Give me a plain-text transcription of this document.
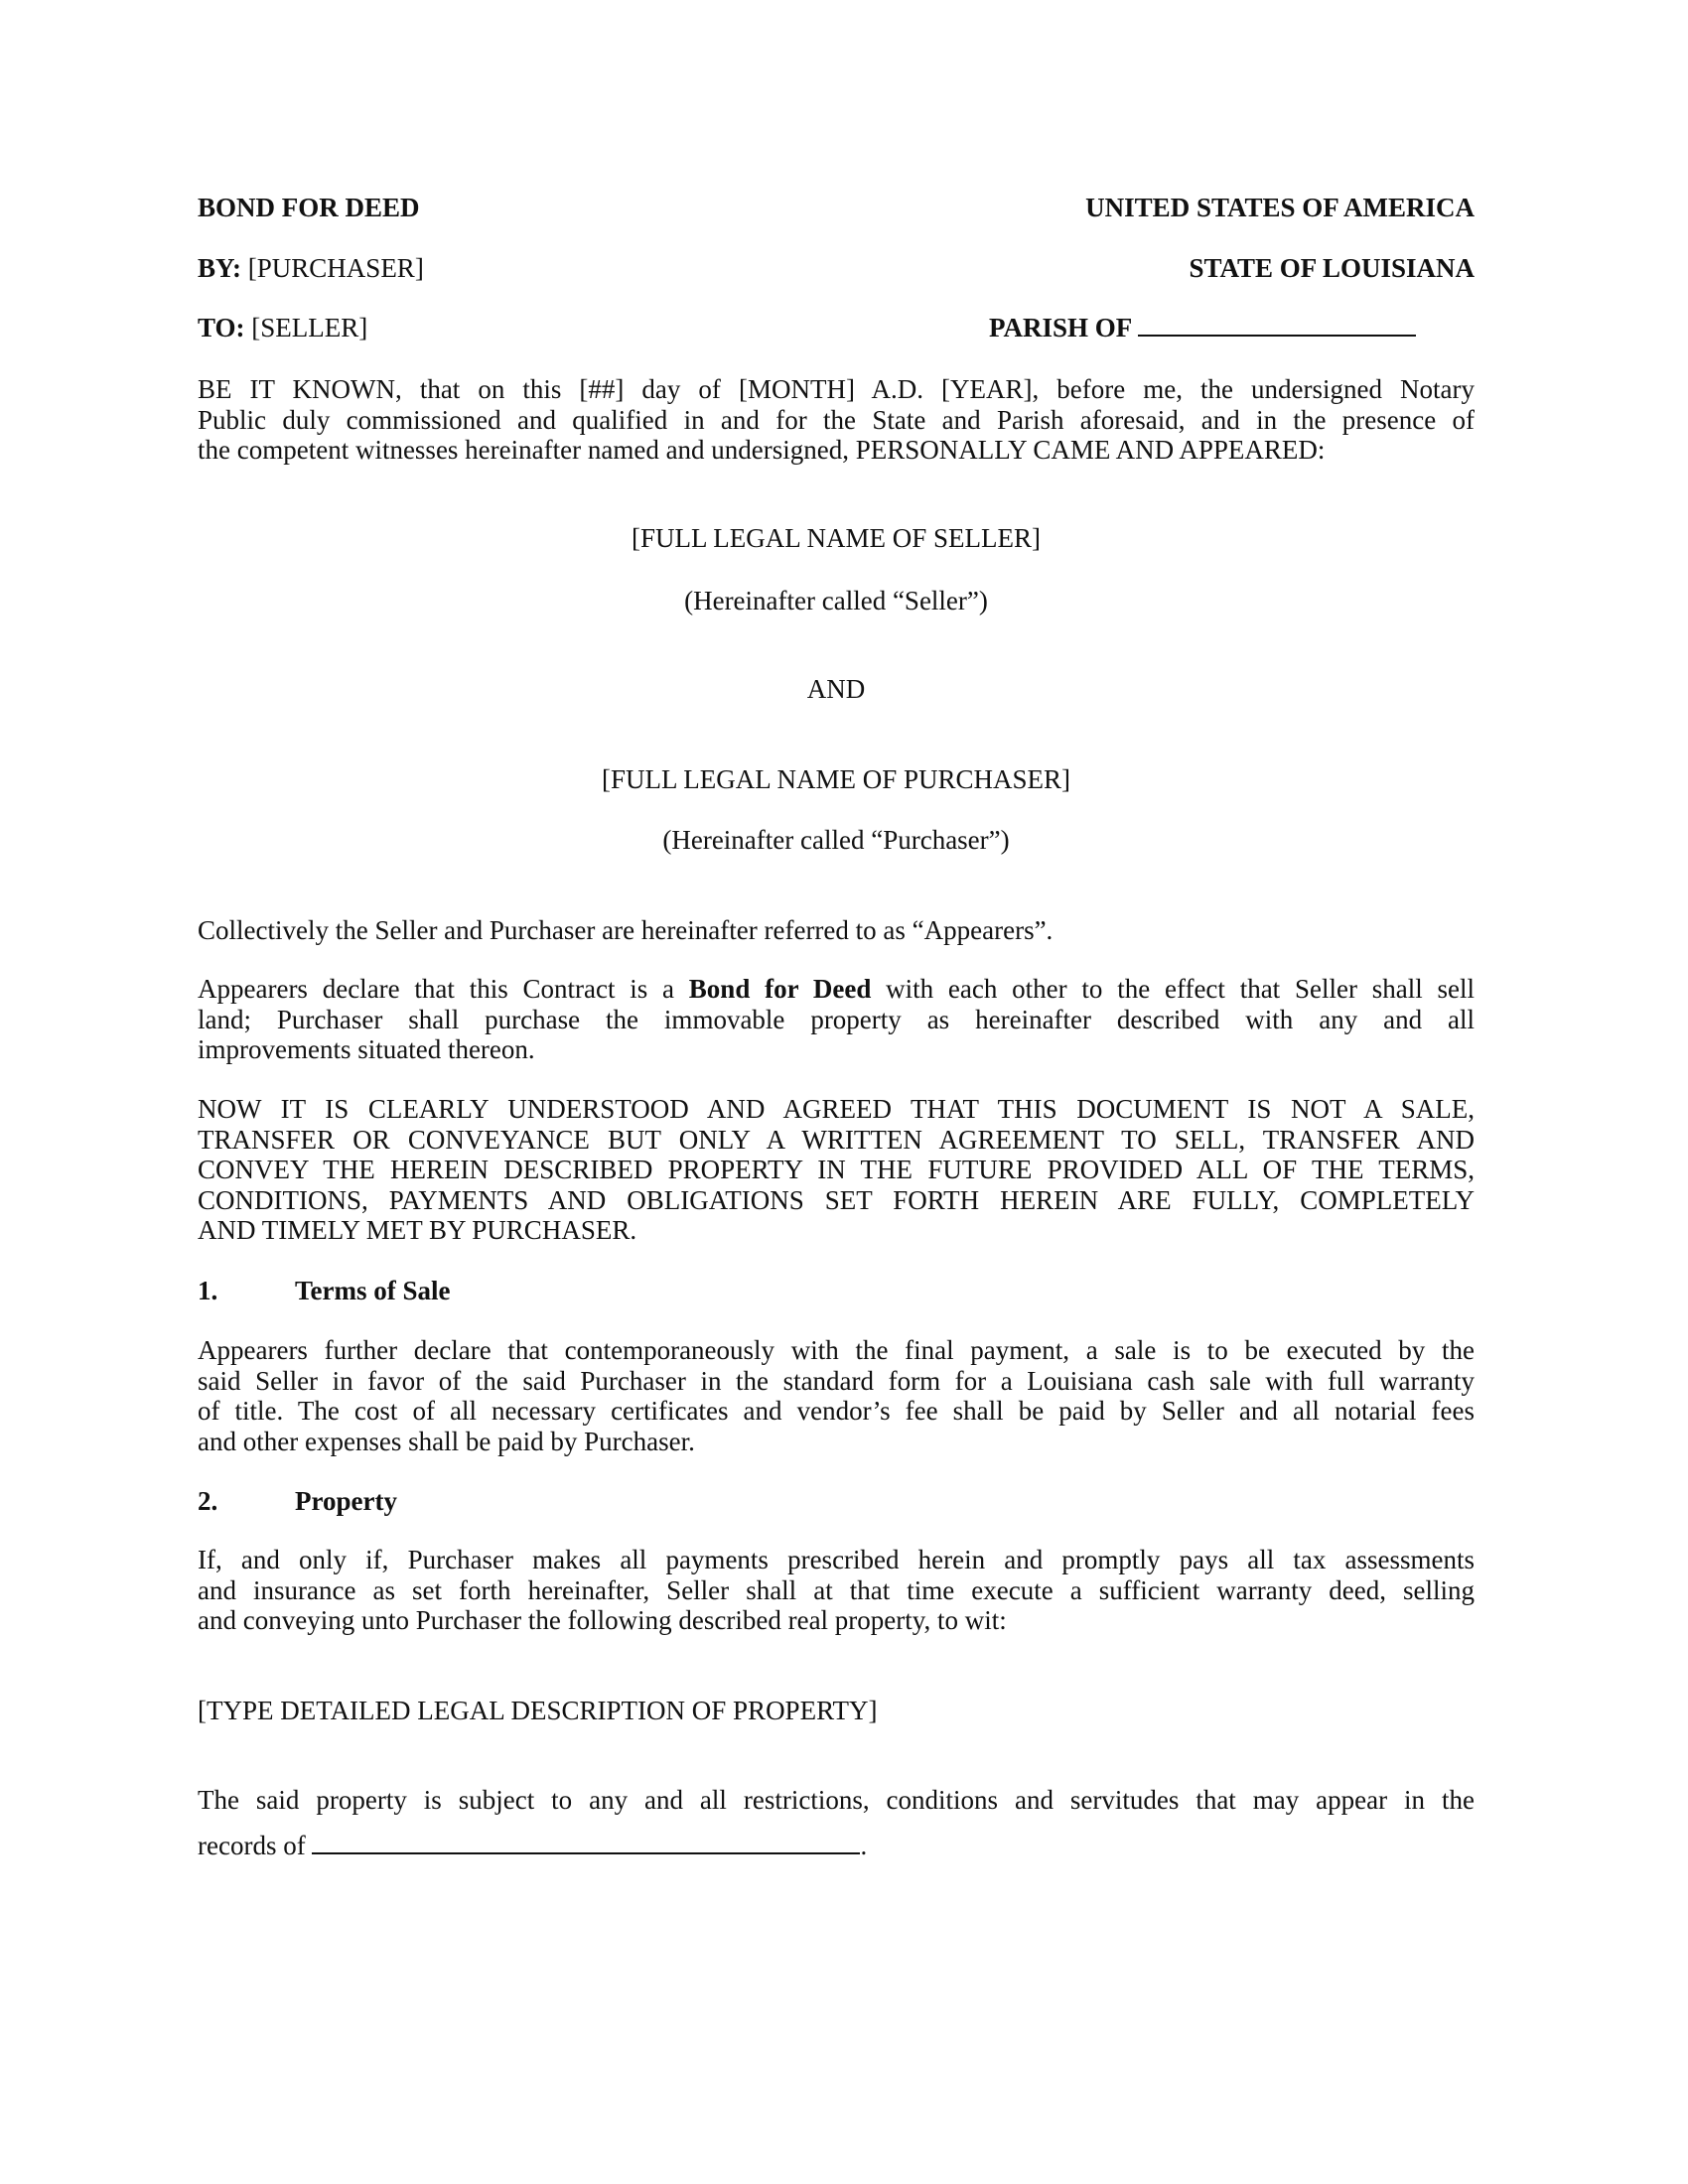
BOND FOR DEED	UNITED STATES OF AMERICA
BY: [PURCHASER]	STATE OF LOUISIANA
TO: [SELLER]	PARISH OF
BE IT KNOWN, that on this [##] day of [MONTH] A.D. [YEAR], before me, the undersigned Notary
Public duly commissioned and qualified in and for the State and Parish aforesaid, and in the presence of
the competent witnesses hereinafter named and undersigned, PERSONALLY CAME AND APPEARED:
[FULL LEGAL NAME OF SELLER]
(Hereinafter called “Seller”)
AND
[FULL LEGAL NAME OF PURCHASER]
(Hereinafter called “Purchaser”)
Collectively the Seller and Purchaser are hereinafter referred to as “Appearers”.
Appearers declare that this Contract is a Bond for Deed with each other to the effect that Seller shall sell
land; Purchaser shall purchase the immovable property as hereinafter described with any and all
improvements situated thereon.
NOW IT IS CLEARLY UNDERSTOOD AND AGREED THAT THIS DOCUMENT IS NOT A SALE,
TRANSFER OR CONVEYANCE BUT ONLY A WRITTEN AGREEMENT TO SELL, TRANSFER AND
CONVEY THE HEREIN DESCRIBED PROPERTY IN THE FUTURE PROVIDED ALL OF THE TERMS,
CONDITIONS, PAYMENTS AND OBLIGATIONS SET FORTH HEREIN ARE FULLY, COMPLETELY
AND TIMELY MET BY PURCHASER.
1.	Terms of Sale
Appearers further declare that contemporaneously with the final payment, a sale is to be executed by the
said Seller in favor of the said Purchaser in the standard form for a Louisiana cash sale with full warranty
of title. The cost of all necessary certificates and vendor’s fee shall be paid by Seller and all notarial fees
and other expenses shall be paid by Purchaser.
2.	Property
If, and only if, Purchaser makes all payments prescribed herein and promptly pays all tax assessments
and insurance as set forth hereinafter, Seller shall at that time execute a sufficient warranty deed, selling
and conveying unto Purchaser the following described real property, to wit:
[TYPE DETAILED LEGAL DESCRIPTION OF PROPERTY]
The said property is subject to any and all restrictions, conditions and servitudes that may appear in the
records of	.
